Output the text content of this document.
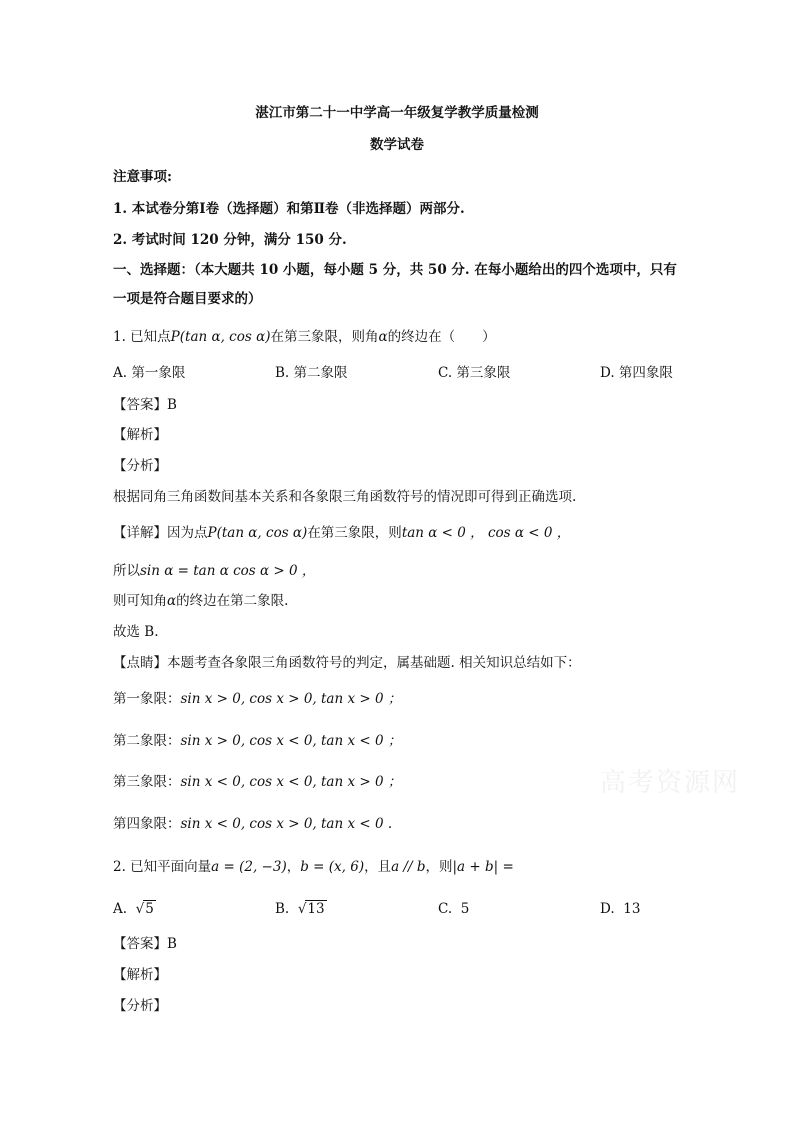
湛江市第二十一中学高一年级复学教学质量检测
数学试卷
注意事项:
1. 本试卷分第Ⅰ卷（选择题）和第Ⅱ卷（非选择题）两部分.
2. 考试时间 120 分钟，满分 150 分.
一、选择题：（本大题共 10 小题，每小题 5 分，共 50 分. 在每小题给出的四个选项中，只有
一项是符合题目要求的）
1. 已知点P(tan α, cos α)在第三象限，则角α的终边在（　　）
A. 第一象限	B. 第二象限	C. 第三象限	D. 第四象限
【答案】B
【解析】
【分析】
根据同角三角函数间基本关系和各象限三角函数符号的情况即可得到正确选项.
【详解】因为点P(tan α, cos α)在第三象限，则tan α < 0 ， cos α < 0 ，
所以sin α = tan α cos α > 0 ，
则可知角α的终边在第二象限.
故选 B.
【点睛】本题考查各象限三角函数符号的判定，属基础题. 相关知识总结如下：
第一象限：sin x > 0, cos x > 0, tan x > 0 ；
第二象限：sin x > 0, cos x < 0, tan x < 0 ；
第三象限：sin x < 0, cos x < 0, tan x > 0 ；
第四象限：sin x < 0, cos x > 0, tan x < 0 .
高考资源网
2. 已知平面向量a = (2, −3)，b = (x, 6)，且a // b，则|a + b| =
A. √5	B. √13	C. 5	D. 13
【答案】B
【解析】
【分析】
